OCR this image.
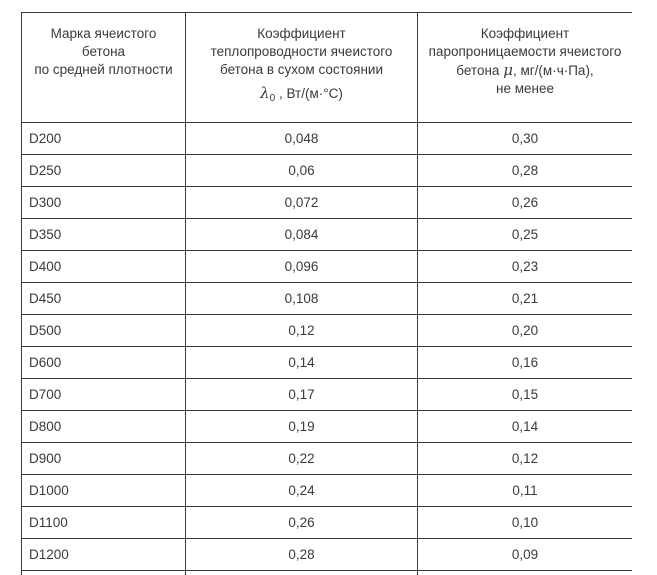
Марка ячеистого
бетона
по средней плотности	Коэффициент
теплопроводности ячеистого
бетона в сухом состоянии
$\lambda_0$ , Вт/(м·°С)	Коэффициент
паропроницаемости ячеистого
бетона μ, мг/(м·ч·Па),
не менее

D200	0,048	0,30
D250	0,06	0,28
D300	0,072	0,26
D350	0,084	0,25
D400	0,096	0,23
D450	0,108	0,21
D500	0,12	0,20
D600	0,14	0,16
D700	0,17	0,15
D800	0,19	0,14
D900	0,22	0,12
D1000	0,24	0,11
D1100	0,26	0,10
D1200	0,28	0,09
